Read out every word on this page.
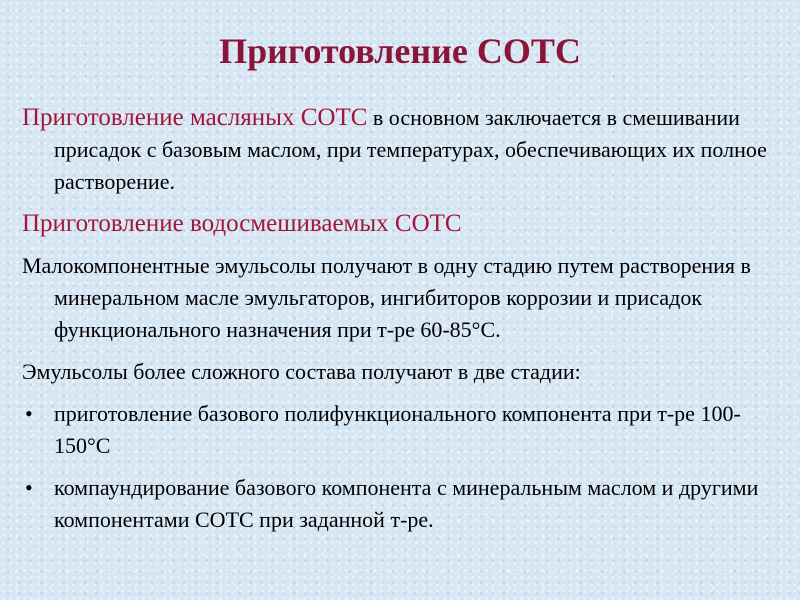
Приготовление СОТС

Приготовление масляных СОТС в основном заключается в смешивании присадок с базовым маслом, при температурах, обеспечивающих их полное растворение.

Приготовление водосмешиваемых СОТС

Малокомпонентные эмульсолы получают в одну стадию путем растворения в минеральном масле эмульгаторов, ингибиторов коррозии и присадок функционального назначения при т-ре 60-85°С.

Эмульсолы более сложного состава получают в две стадии:

• приготовление базового полифункционального компонента при т-ре 100-150°С
• компаундирование базового компонента с минеральным маслом и другими компонентами СОТС при заданной т-ре.
